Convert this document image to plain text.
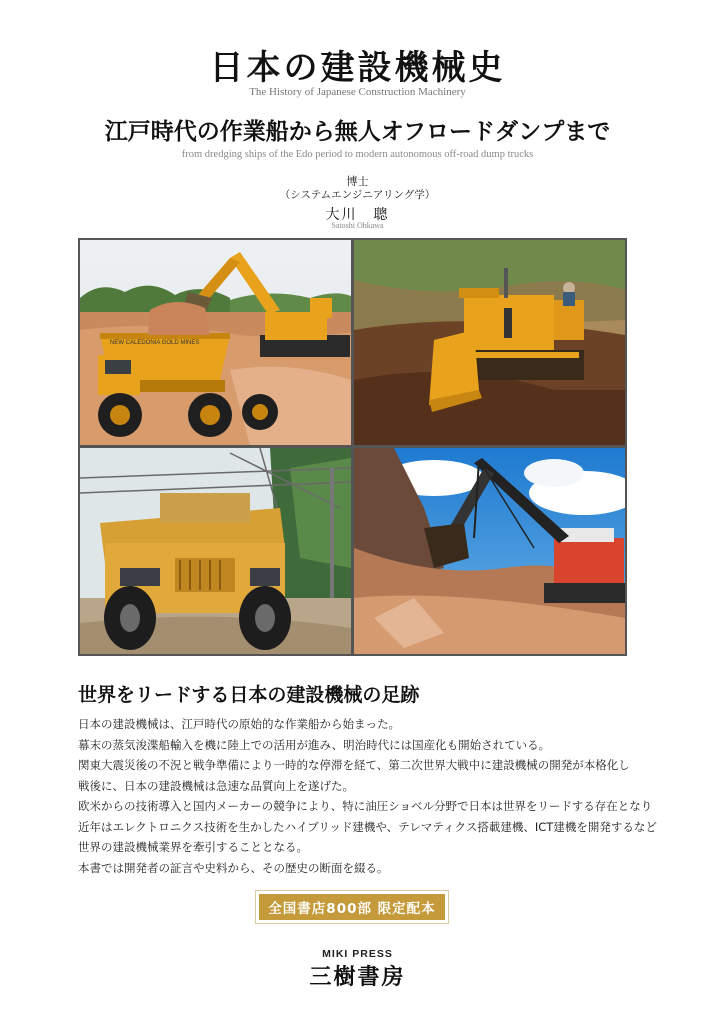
日本の建設機械史
The History of Japanese Construction Machinery
江戸時代の作業船から無人オフロードダンプまで
from dredging ships of the Edo period to modern autonomous off-road dump trucks
博士
（システムエンジニアリング学）
大川　聰
Satoshi Ohkawa
NEW CALEDONIA GOLD MINES
世界をリードする日本の建設機械の足跡
日本の建設機械は、江戸時代の原始的な作業船から始まった。
幕末の蒸気浚渫船輸入を機に陸上での活用が進み、明治時代には国産化も開始されている。
関東大震災後の不況と戦争準備により一時的な停滞を経て、第二次世界大戦中に建設機械の開発が本格化し
戦後に、日本の建設機械は急速な品質向上を遂げた。
欧米からの技術導入と国内メーカーの競争により、特に油圧ショベル分野で日本は世界をリードする存在となり
近年はエレクトロニクス技術を生かしたハイブリッド建機や、テレマティクス搭載建機、ICT建機を開発するなど
世界の建設機械業界を牽引することとなる。
本書では開発者の証言や史料から、その歴史の断面を綴る。
全国書店800部 限定配本
MIKI PRESS
三樹書房
